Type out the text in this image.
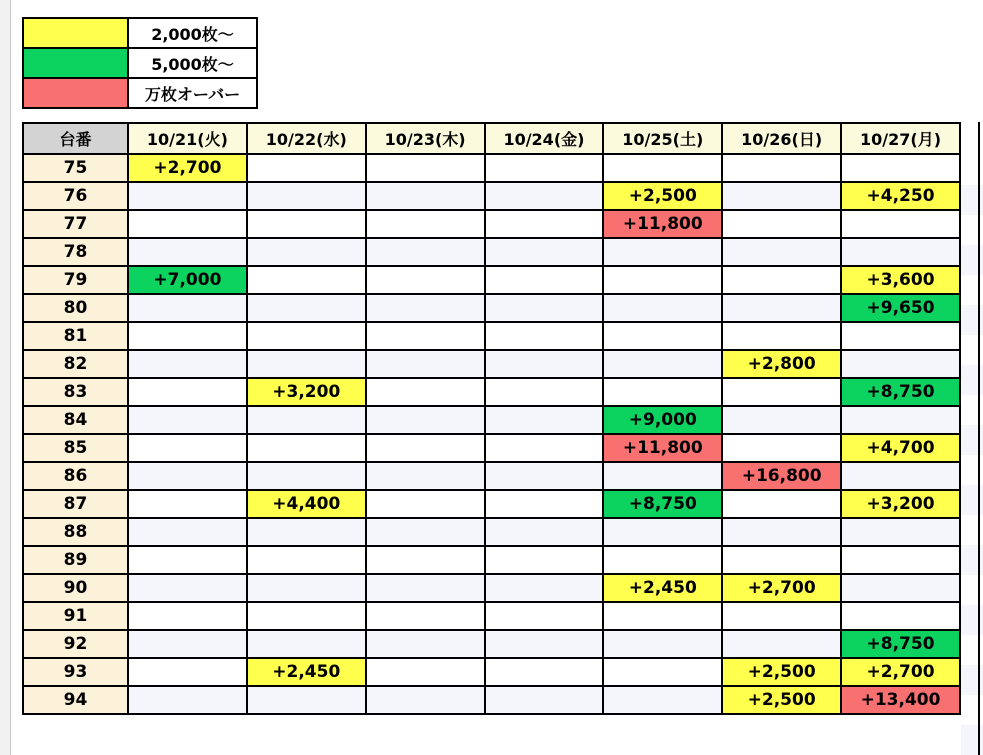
	2,000枚〜
	5,000枚〜
	万枚オーバー
台番	10/21(火)	10/22(水)	10/23(木)	10/24(金)	10/25(土)	10/26(日)	10/27(月)
75	+2,700						
76					+2,500		+4,250
77					+11,800		
78							
79	+7,000						+3,600
80							+9,650
81							
82						+2,800	
83		+3,200					+8,750
84					+9,000		
85					+11,800		+4,700
86						+16,800	
87		+4,400			+8,750		+3,200
88							
89							
90					+2,450	+2,700	
91							
92							+8,750
93		+2,450				+2,500	+2,700
94						+2,500	+13,400
